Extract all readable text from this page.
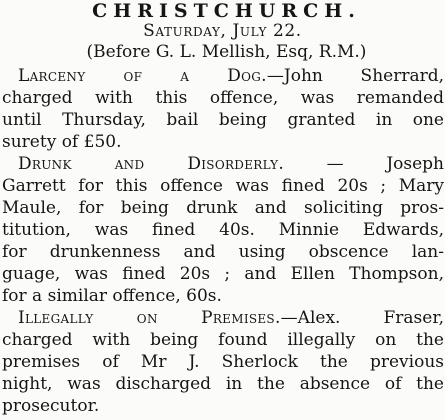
CHRISTCHURCH.
Saturday, July 22.
(Before G. L. Mellish, Esq, R.M.)
Larceny of a Dog.—John Sherrard,
charged with this offence, was remanded
until Thursday, bail being granted in one
surety of £50.
Drunk and Disorderly. — Joseph
Garrett for this offence was fined 20s ; Mary
Maule, for being drunk and soliciting pros-
titution, was fined 40s. Minnie Edwards,
for drunkenness and using obscence lan-
guage, was fined 20s ; and Ellen Thompson,
for a similar offence, 60s.
Illegally on Premises.—Alex. Fraser,
charged with being found illegally on the
premises of Mr J. Sherlock the previous
night, was discharged in the absence of the
prosecutor.
